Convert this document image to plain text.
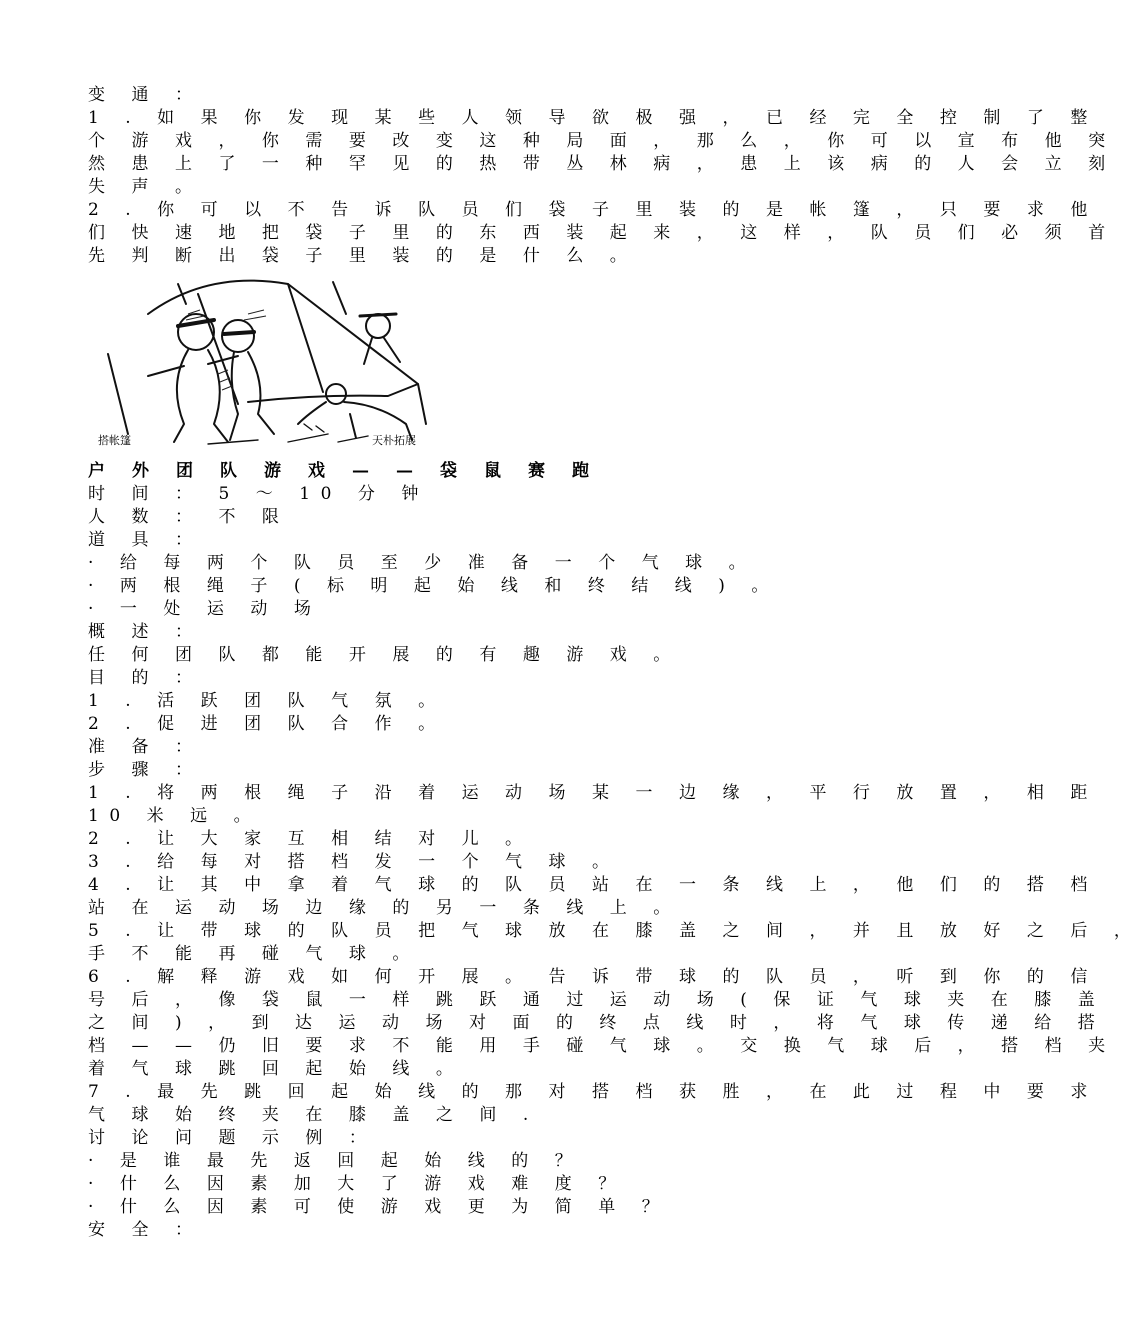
变 通 ：
1 . 如 果 你 发 现 某 些 人 领 导 欲 极 强 ， 已 经 完 全 控 制 了 整
个 游 戏 ， 你 需 要 改 变 这 种 局 面 ， 那 么 ， 你 可 以 宣 布 他 突
然 患 上 了 一 种 罕 见 的 热 带 丛 林 病 ， 患 上 该 病 的 人 会 立 刻
失 声 。
2 . 你 可 以 不 告 诉 队 员 们 袋 子 里 装 的 是 帐 篷 ， 只 要 求 他
们 快 速 地 把 袋 子 里 的 东 西 装 起 来 ， 这 样 ， 队 员 们 必 须 首
先 判 断 出 袋 子 里 装 的 是 什 么 。
搭帐篷	天朴拓展
户 外 团 队 游 戏 — — 袋 鼠 赛 跑
时 间 ： 5 ～ 10 分 钟
人 数 ： 不 限
道 具 ：
· 给 每 两 个 队 员 至 少 准 备 一 个 气 球 。
· 两 根 绳 子 ( 标 明 起 始 线 和 终 结 线 ) 。
· 一 处 运 动 场
概 述 ：
任 何 团 队 都 能 开 展 的 有 趣 游 戏 。
目 的 ：
1 . 活 跃 团 队 气 氛 。
2 . 促 进 团 队 合 作 。
准 备 ：
步 骤 ：
1 . 将 两 根 绳 子 沿 着 运 动 场 某 一 边 缘 ， 平 行 放 置 ， 相 距
10 米 远 。
2 . 让 大 家 互 相 结 对 儿 。
3 . 给 每 对 搭 档 发 一 个 气 球 。
4 . 让 其 中 拿 着 气 球 的 队 员 站 在 一 条 线 上 ， 他 们 的 搭 档
站 在 运 动 场 边 缘 的 另 一 条 线 上 。
5 . 让 带 球 的 队 员 把 气 球 放 在 膝 盖 之 间 ， 并 且 放 好 之 后 ，
手 不 能 再 碰 气 球 。
6 . 解 释 游 戏 如 何 开 展 。 告 诉 带 球 的 队 员 ， 听 到 你 的 信
号 后 ， 像 袋 鼠 一 样 跳 跃 通 过 运 动 场 ( 保 证 气 球 夹 在 膝 盖
之 间 ) ， 到 达 运 动 场 对 面 的 终 点 线 时 ， 将 气 球 传 递 给 搭
档 — — 仍 旧 要 求 不 能 用 手 碰 气 球 。 交 换 气 球 后 ， 搭 档 夹
着 气 球 跳 回 起 始 线 。
7 . 最 先 跳 回 起 始 线 的 那 对 搭 档 获 胜 ， 在 此 过 程 中 要 求
气 球 始 终 夹 在 膝 盖 之 间 .
讨 论 问 题 示 例 ：
· 是 谁 最 先 返 回 起 始 线 的 ？
· 什 么 因 素 加 大 了 游 戏 难 度 ？
· 什 么 因 素 可 使 游 戏 更 为 简 单 ？
安 全 ：
